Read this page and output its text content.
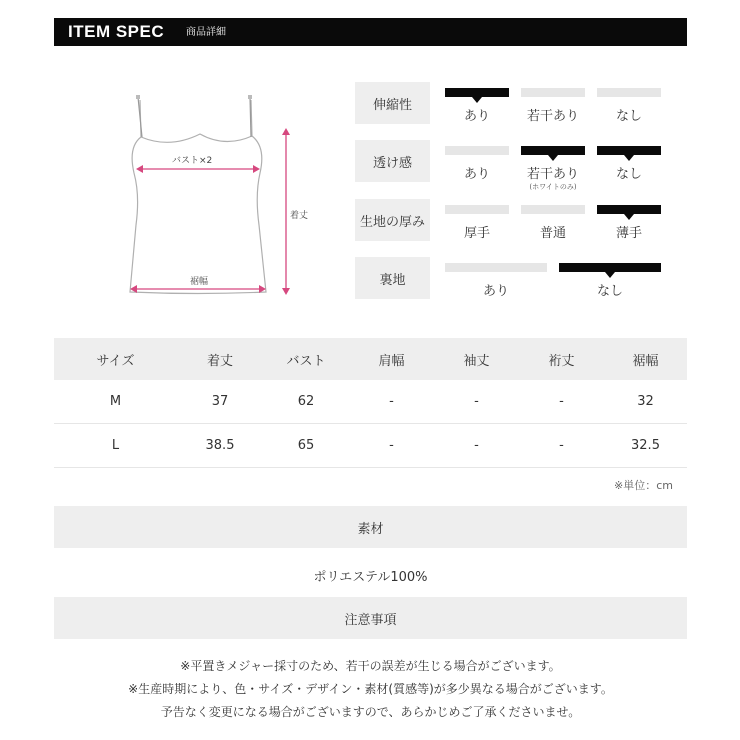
ITEM SPEC 商品詳細
バスト×2
着丈
裾幅
伸縮性
あり	若干あり	なし
透け感
あり	若干あり	なし
(ホワイトのみ)
生地の厚み
厚手	普通	薄手
裏地
あり	なし
サイズ	着丈	バスト	肩幅	袖丈	裄丈	裾幅
M	37	62	-	-	-	32
L	38.5	65	-	-	-	32.5
※単位：cm
素材
ポリエステル100%
注意事項
※平置きメジャー採寸のため、若干の誤差が生じる場合がございます。
※生産時期により、色・サイズ・デザイン・素材(質感等)が多少異なる場合がございます。
予告なく変更になる場合がございますので、あらかじめご了承くださいませ。
